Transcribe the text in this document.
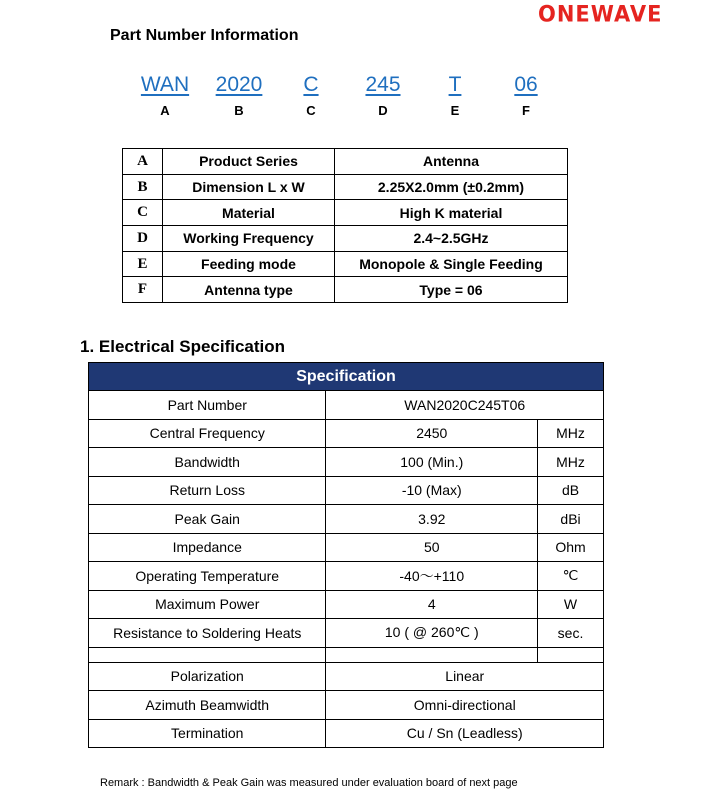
ONEWAVE
Part Number Information
WAN
A
2020
B
C
C
245
D
T
E
06
F
A	Product Series	Antenna
B	Dimension L x W	2.25X2.0mm (±0.2mm)
C	Material	High K material
D	Working Frequency	2.4~2.5GHz
E	Feeding mode	Monopole & Single Feeding
F	Antenna type	Type = 06
1. Electrical Specification
Specification		
Part Number	WAN2020C245T06	
Central Frequency	2450	MHz
Bandwidth	100 (Min.)	MHz
Return Loss	-10 (Max)	dB
Peak Gain	3.92	dBi
Impedance	50	Ohm
Operating Temperature	-40～+110	℃
Maximum Power	4	W
Resistance to Soldering Heats	10 ( @ 260℃ )	sec.

Polarization	Linear	
Azimuth Beamwidth	Omni-directional	
Termination	Cu / Sn (Leadless)	
Remark : Bandwidth & Peak Gain was measured under evaluation board of next page
